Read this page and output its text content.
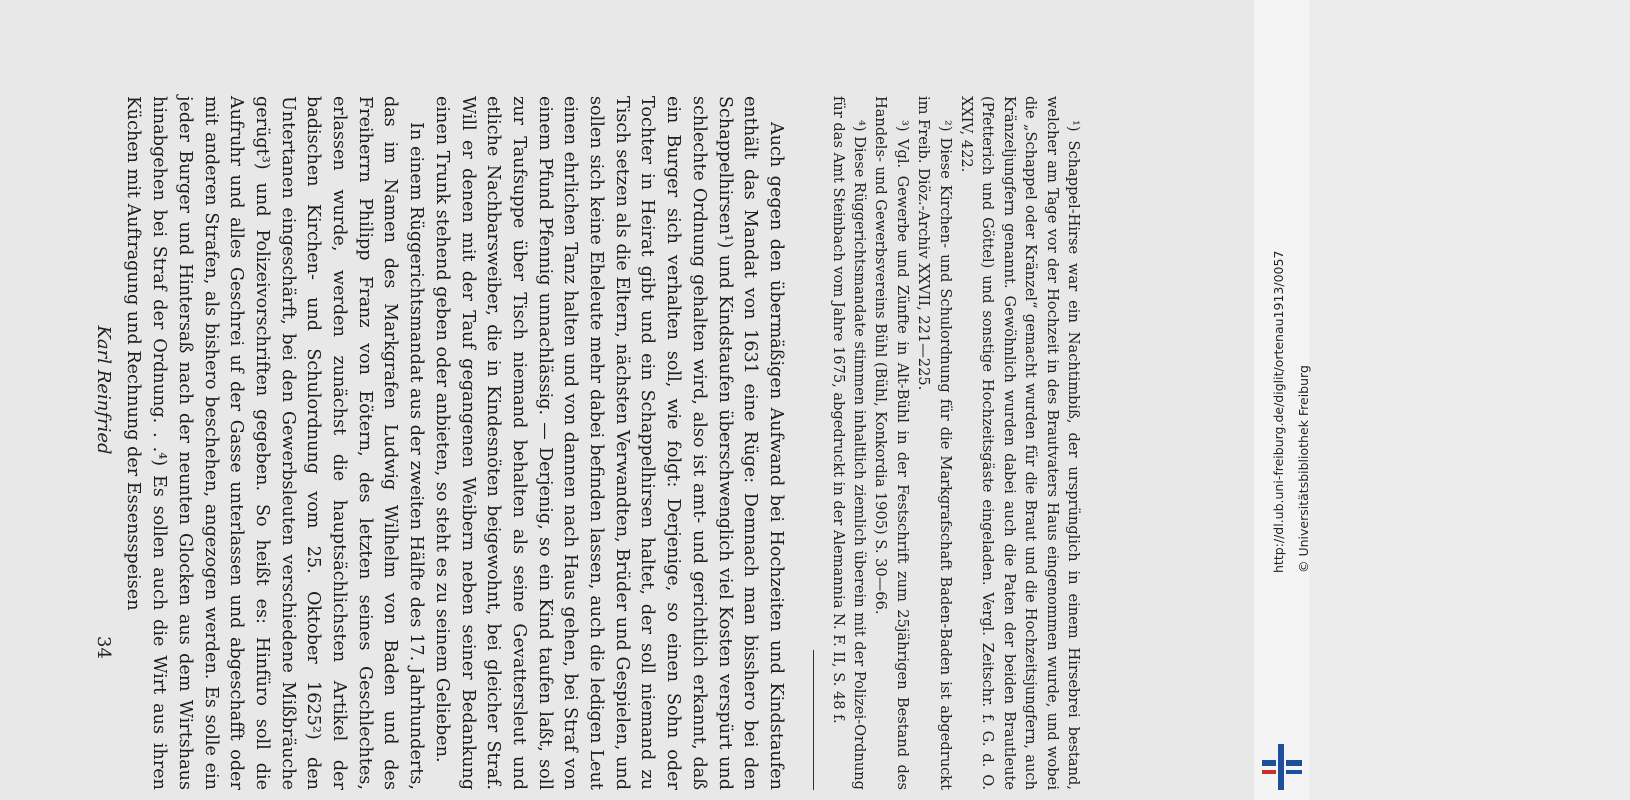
34
Karl Reinfried	Auch gegen den übermäßigen Aufwand bei Hochzeiten und Kindstaufen enthält das Mandat von 1631 eine Rüge: Demnach man bisshero bei den Schappelhirsen¹) und Kindstaufen überschwenglich viel Kosten verspürt und schlechte Ordnung gehalten wird, also ist amt- und gerichtlich erkannt, daß ein Burger sich verhalten soll, wie folgt: Derjenige, so einen Sohn oder Tochter in Heirat gibt und ein Schappelhirsen haltet, der soll niemand zu Tisch setzen als die Eltern, nächsten Verwandten, Brüder und Gespielen, und sollen sich keine Eheleute mehr dabei befinden lassen, auch die ledigen Leut einen ehrlichen Tanz halten und von dannen nach Haus gehen, bei Straf von einem Pfund Pfennig unnachlässig. — Derjenig, so ein Kind taufen laßt, soll zur Taufsuppe über Tisch niemand behalten als seine Gevattersleut und etliche Nachbarsweiber, die in Kindesnöten beigewohnt, bei gleicher Straf. Will er denen mit der Tauf gegangenen Weibern neben seiner Bedankung einen Trunk stehend geben oder anbieten, so steht es zu seinem Gelieben.

In einem Rüggerichtsmandat aus der zweiten Hälfte des 17. Jahrhunderts, das im Namen des Markgrafen Ludwig Wilhelm von Baden und des Freiherrn Philipp Franz von Eötern, des letzten seines Geschlechtes, erlassen wurde, werden zunächst die hauptsächlichsten Artikel der badischen Kirchen- und Schulordnung vom 25. Oktober 1625²) den Untertanen eingeschärft, bei den Gewerbsleuten verschiedene Mißbräuche gerügt³) und Polizeivorschriften gegeben. So heißt es: Hinfüro soll die Aufruhr und alles Geschrei uf der Gasse unterlassen und abgeschafft oder mit anderen Strafen, als bishero beschehen, angezogen werden. Es solle ein jeder Burger und Hintersaß nach der neunten Glocken aus dem Wirtshaus hinabgehen bei Straf der Ordnung. . .⁴) Es sollen auch die Wirt aus ihren Küchen mit Auftragung und Rechnung der Essensspeisen	¹) Schappel-Hirse war ein Nachtimbiß, der ursprünglich in einem Hirsebrei bestand, welcher am Tage vor der Hochzeit in des Brautvaters Haus eingenommen wurde, und wobei die „Schappel oder Kränzel“ gemacht wurden für die Braut und die Hochzeitsjungfern, auch Kränzeljungfern genannt. Gewöhnlich wurden dabei auch die Paten der beiden Brautleute (Pfetterich und Göttel) und sonstige Hochzeitsgäste eingeladen. Vergl. Zeitschr. f. G. d. O. XXIV, 422.

²) Diese Kirchen- und Schulordnung für die Markgrafschaft Baden-Baden ist abgedruckt im Freib. Diöz.-Archiv XXVII, 221—225.

³) Vgl. Gewerbe und Zünfte in Alt-Bühl in der Festschrift zum 25jährigen Bestand des Handels- und Gewerbsvereins Bühl (Bühl, Konkordia 1905) S. 30—66.

⁴) Diese Rüggerichtsmandate stimmen inhaltlich ziemlich überein mit der Polizei-Ordnung für das Amt Steinbach vom Jahre 1675, abgedruckt in der Alemannia N. F. II, S. 48 f.	http://dl.ub.uni-freiburg.de/diglit/ortenau1913/0057 © Universitätsbibliothek Freiburg
